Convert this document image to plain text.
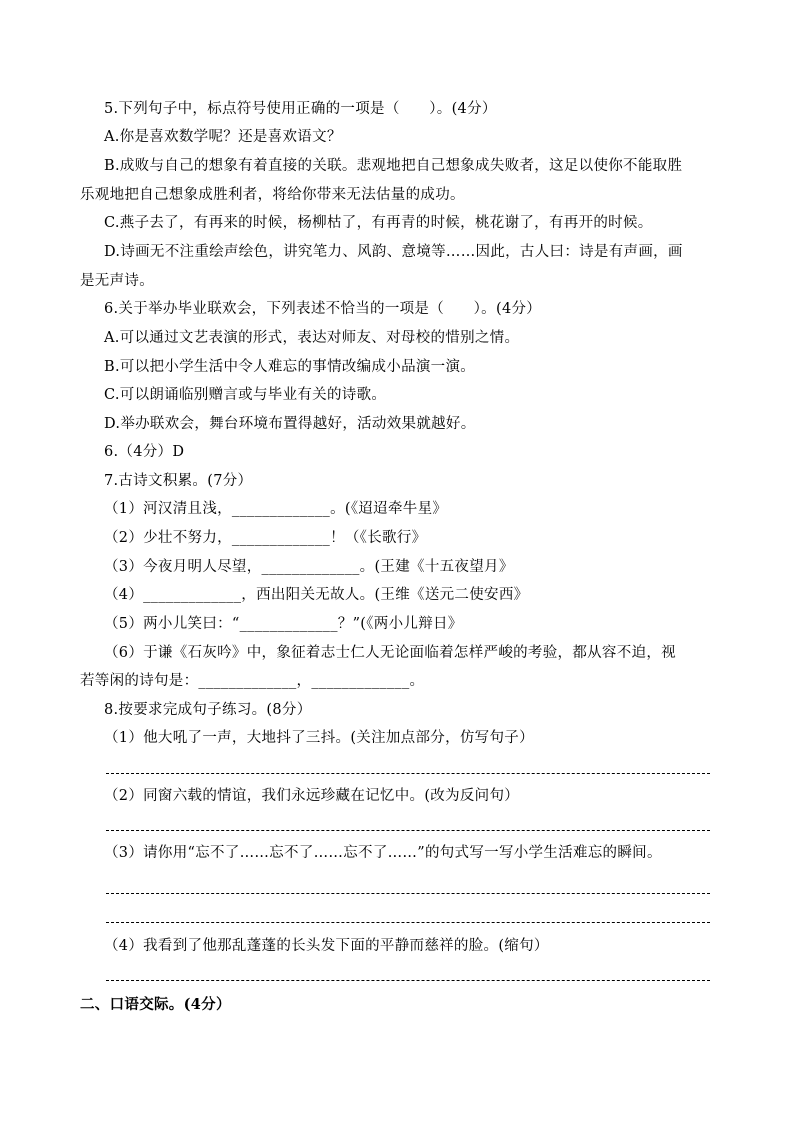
5.下列句子中，标点符号使用正确的一项是（　　）。(4分）
A.你是喜欢数学呢？还是喜欢语文？
B.成败与自己的想象有着直接的关联。悲观地把自己想象成失败者，这足以使你不能取胜
乐观地把自己想象成胜利者，将给你带来无法估量的成功。
C.燕子去了，有再来的时候，杨柳枯了，有再青的时候，桃花谢了，有再开的时候。
D.诗画无不注重绘声绘色，讲究笔力、风韵、意境等……因此，古人曰：诗是有声画，画
是无声诗。
6.关于举办毕业联欢会，下列表述不恰当的一项是（　　）。(4分）
A.可以通过文艺表演的形式，表达对师友、对母校的惜别之情。
B.可以把小学生活中令人难忘的事情改编成小品演一演。
C.可以朗诵临别赠言或与毕业有关的诗歌。
D.举办联欢会，舞台环境布置得越好，活动效果就越好。
6.（4分）D
7.古诗文积累。(7分）
（1）河汉清且浅，_____________。(《迢迢牵牛星》
（2）少壮不努力，_____________！（《长歌行》
（3）今夜月明人尽望，_____________。(王建《十五夜望月》
（4）_____________，西出阳关无故人。(王维《送元二使安西》
（5）两小儿笑曰：“_____________？”(《两小儿辩日》
（6）于谦《石灰吟》中，象征着志士仁人无论面临着怎样严峻的考验，都从容不迫，视
若等闲的诗句是：_____________，_____________。
8.按要求完成句子练习。(8分）
（1）他大吼了一声，大地抖了三抖。(关注加点部分，仿写句子）
（2）同窗六载的情谊，我们永远珍藏在记忆中。(改为反问句）
（3）请你用“忘不了……忘不了……忘不了……”的句式写一写小学生活难忘的瞬间。
（4）我看到了他那乱蓬蓬的长头发下面的平静而慈祥的脸。(缩句）
二、口语交际。(4分）
